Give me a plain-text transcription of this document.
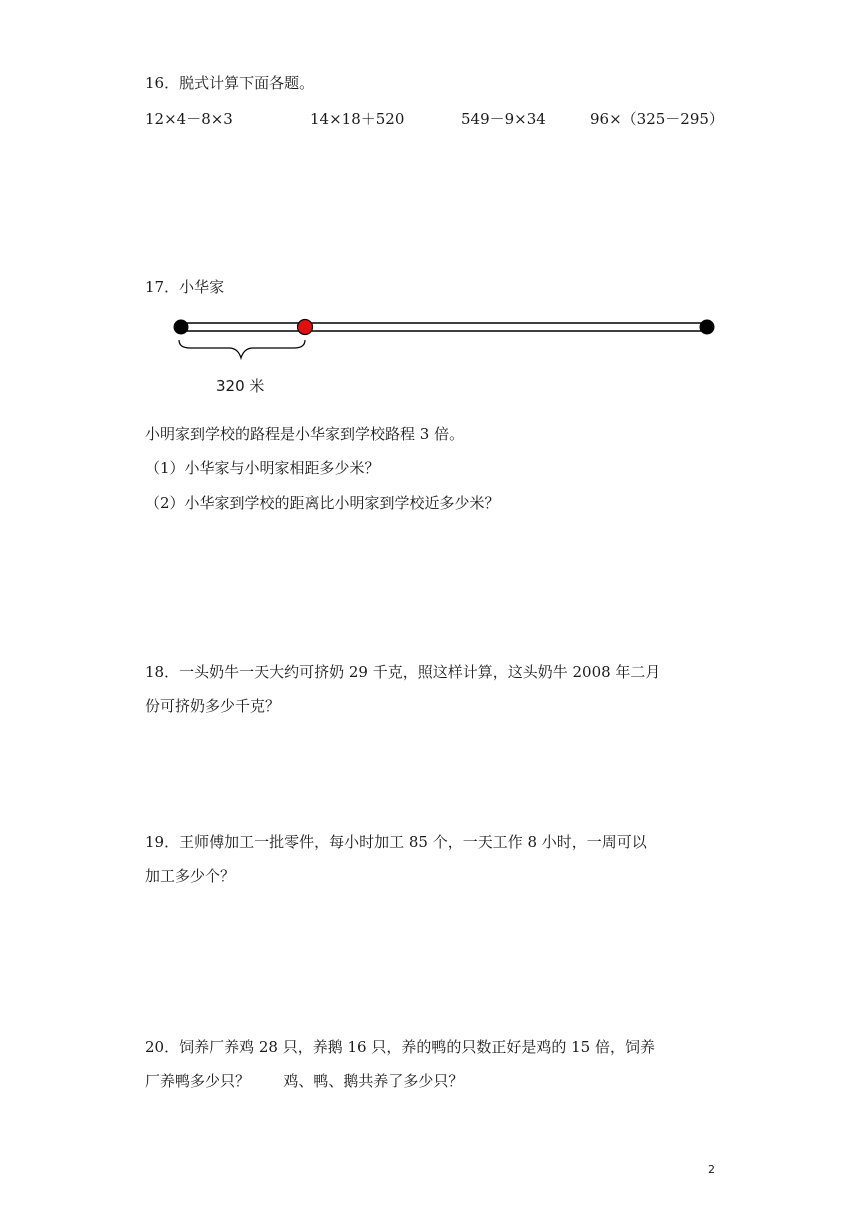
16．脱式计算下面各题。
12×4－8×3	14×18＋520	549－9×34	96×（325－295）
17．小华家
320 米
小明家到学校的路程是小华家到学校路程 3 倍。
（1）小华家与小明家相距多少米？
（2）小华家到学校的距离比小明家到学校近多少米？
18．一头奶牛一天大约可挤奶 29 千克，照这样计算，这头奶牛 2008 年二月
份可挤奶多少千克？
19．王师傅加工一批零件，每小时加工 85 个，一天工作 8 小时，一周可以
加工多少个？
20．饲养厂养鸡 28 只，养鹅 16 只，养的鸭的只数正好是鸡的 15 倍，饲养
厂养鸭多少只？       鸡、鸭、鹅共养了多少只？
2
